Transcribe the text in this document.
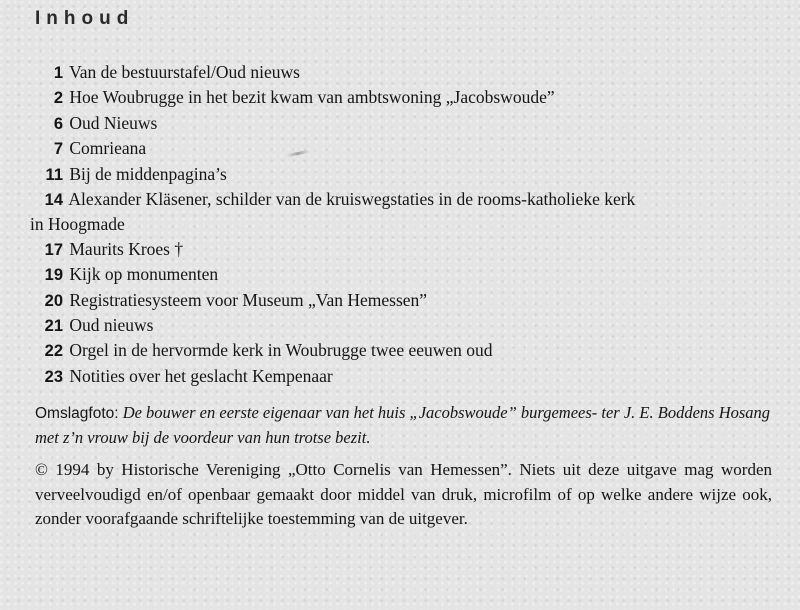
Inhoud
1 Van de bestuurstafel/Oud nieuws
2 Hoe Woubrugge in het bezit kwam van ambtswoning „Jacobswoude”
6 Oud Nieuws
7 Comrieana
11 Bij de middenpagina’s
14 Alexander Kläsener, schilder van de kruiswegstaties in de rooms-katholieke kerk
in Hoogmade
17 Maurits Kroes †
19 Kijk op monumenten
20 Registratiesysteem voor Museum „Van Hemessen”
21 Oud nieuws
22 Orgel in de hervormde kerk in Woubrugge twee eeuwen oud
23 Notities over het geslacht Kempenaar
Omslagfoto: De bouwer en eerste eigenaar van het huis „Jacobswoude” burgemees- ter J. E. Boddens Hosang met z’n vrouw bij de voordeur van hun trotse bezit.
© 1994 by Historische Vereniging „Otto Cornelis van Hemessen”. Niets uit deze uitgave mag worden verveelvoudigd en/of openbaar gemaakt door middel van druk, microfilm of op welke andere wijze ook, zonder voorafgaande schriftelijke toestemming van de uitgever.
